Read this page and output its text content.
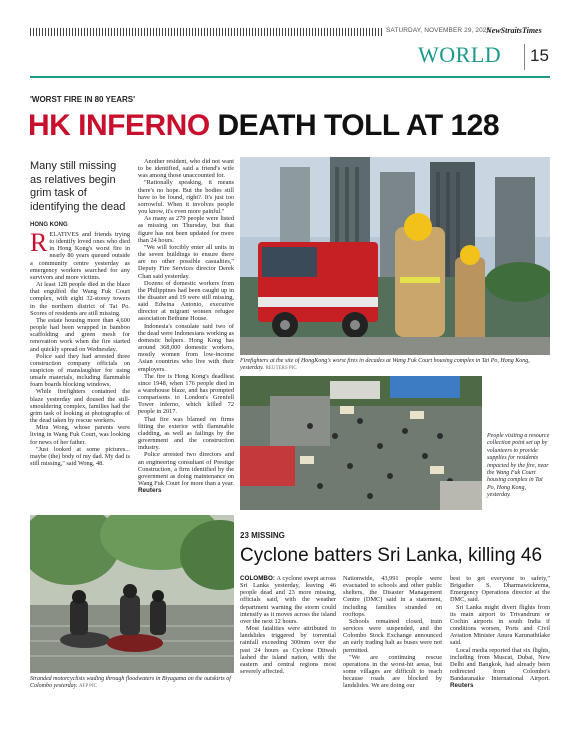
SATURDAY, NOVEMBER 29, 2025
NewStraitsTimes
WORLD 15
'WORST FIRE IN 80 YEARS'
HK INFERNO DEATH TOLL AT 128
Many still missing as relatives begin grim task of identifying the dead
HONG KONG

RELATIVES and friends trying to identify loved ones who died in Hong Kong's worst fire in nearly 80 years queued outside a community centre yesterday as emergency workers searched for any survivors and more victims.

At least 128 people died in the blaze that engulfed the Wang Fuk Court complex, with eight 32-storey towers in the northern district of Tai Po. Scores of residents are still missing.

The estate housing more than 4,600 people had been wrapped in bamboo scaffolding and green mesh for renovation work when the fire started and quickly spread on Wednesday.

Police said they had arrested three construction company officials on suspicion of manslaughter for using unsafe materials, including flammable foam boards blocking windows.

While firefighters contained the blaze yesterday and doused the still-smouldering complex, families had the grim task of looking at photographs of the dead taken by rescue workers.

Mira Wong, whose parents were living in Wang Fuk Court, was looking for news of her father.

"Just looked at some pictures... maybe (the) body of my dad. My dad is still missing," said Wong, 48.

Another resident, who did not want to be identified, said a friend's wife was among those unaccounted for.

"Rationally speaking, it means there's no hope. But the bodies still have to be found, right?. It's just too sorrowful. When it involves people you know, it's even more painful."

As many as 279 people were listed as missing on Thursday, but that figure has not been updated for more than 24 hours.

"We will forcibly enter all units in the seven buildings to ensure there are no other possible casualties," Deputy Fire Services director Derek Chan said yesterday.

Dozens of domestic workers from the Philippines had been caught up in the disaster and 19 were still missing, said Edwina Antonio, executive director at migrant women refugee association Bethune House.

Indonesia's consulate said two of the dead were Indonesians working as domestic helpers. Hong Kong has around 368,000 domestic workers, mostly women from low-income Asian countries who live with their employers.

The fire is Hong Kong's deadliest since 1948, when 176 people died in a warehouse blaze, and has prompted comparisons to London's Grenfell Tower inferno, which killed 72 people in 2017.

That fire was blamed on firms fitting the exterior with flammable cladding, as well as failings by the government and the construction industry.

Police arrested two directors and an engineering consultant of Prestige Construction, a firm identified by the government as doing maintenance on Wang Fuk Court for more than a year. Reuters

Firefighters at the site of HongKong's worst fires in decades at Wang Fuk Court housing complex in Tai Po, Hong Kong, yesterday. REUTERS PIC
People visiting a resource collection point set up by volunteers to provide supplies for residents impacted by the fire, near the Wang Fuk Court housing complex in Tai Po, Hong Kong, yesterday.
Stranded motorcyclists wading through floodwaters in Biyagama on the outskirts of Colombo yesterday. AFP PIC
23 MISSING
Cyclone batters Sri Lanka, killing 46

COLOMBO: A cyclone swept across Sri Lanka yesterday, leaving 46 people dead and 23 more missing, officials said, with the weather department warning the storm could intensify as it moves across the island over the next 12 hours.

Most fatalities were attributed to landslides triggered by torrential rainfall exceeding 300mm over the past 24 hours as Cyclone Ditwah lashed the island nation, with the eastern and central regions most severely affected.

Nationwide, 43,991 people were evacuated to schools and other public shelters, the Disaster Management Centre (DMC) said in a statement, including families stranded on rooftops.

Schools remained closed, train services were suspended, and the Colombo Stock Exchange announced an early trading halt as buses were not permitted.

"We are continuing rescue operations in the worst-hit areas, but some villages are difficult to reach because roads are blocked by landslides. We are doing our

best to get everyone to safety," Brigadier S. Dharmawickrema, Emergency Operations director at the DMC, said.

Sri Lanka might divert flights from its main airport to Trivandrum or Cochin airports in south India if conditions worsen, Ports and Civil Aviation Minister Anura Karunathilake said.

Local media reported that six flights, including from Muscat, Dubai, New Delhi and Bangkok, had already been redirected from Colombo's Bandaranaike International Airport. Reuters
